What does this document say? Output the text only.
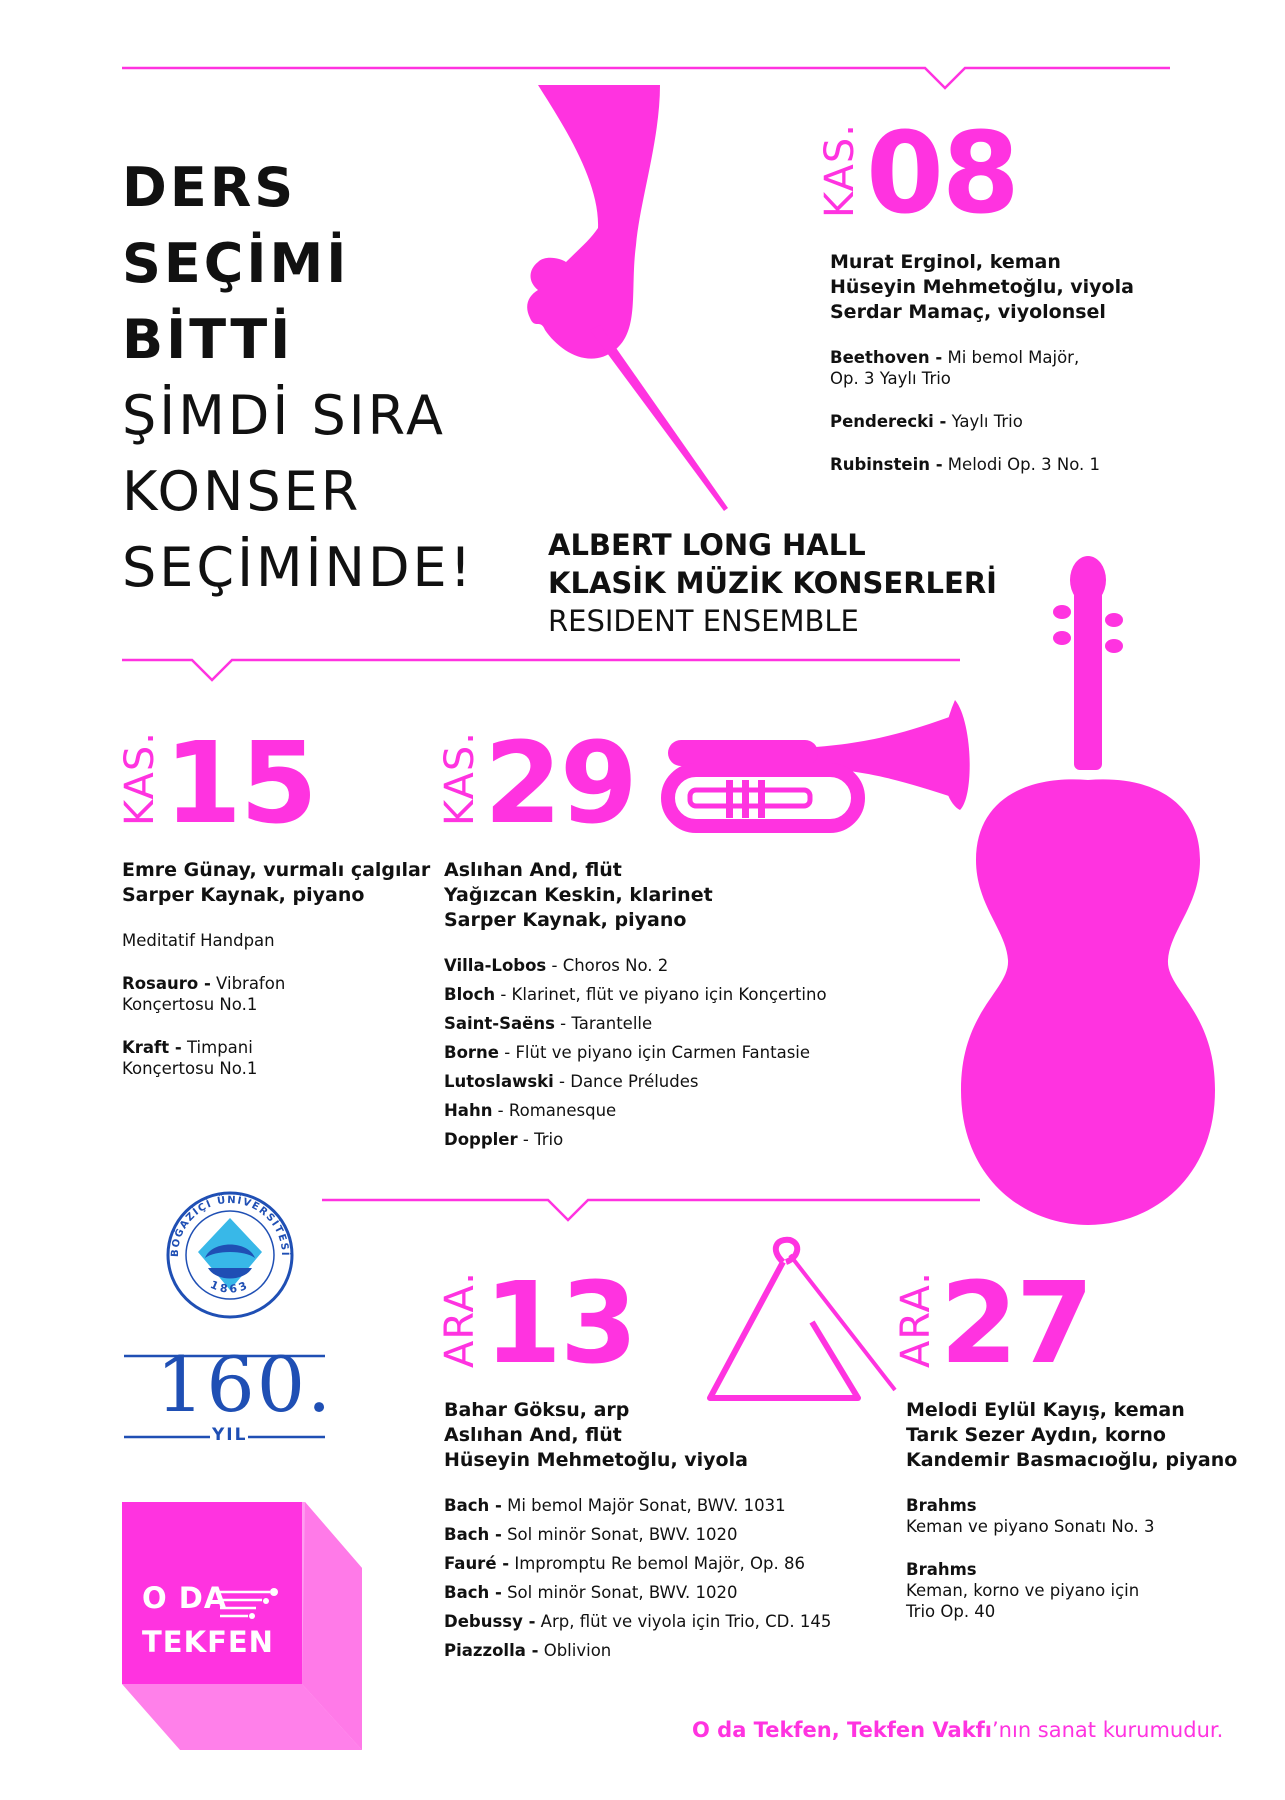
DERS
SEÇİMİ
BİTTİ
ŞİMDİ SIRA
KONSER
SEÇİMİNDE!	ALBERT LONG HALL
KLASİK MÜZİK KONSERLERİ
RESIDENT ENSEMBLE
KAS. 08
Murat Erginol, keman
Hüseyin Mehmetoğlu, viyola
Serdar Mamaç, viyolonsel
Beethoven - Mi bemol Majör,
Op. 3 Yaylı Trio
Penderecki - Yaylı Trio
Rubinstein - Melodi Op. 3 No. 1
KAS. 15
Emre Günay, vurmalı çalgılar
Sarper Kaynak, piyano
Meditatif Handpan
Rosauro - Vibrafon
Konçertosu No.1
Kraft - Timpani
Konçertosu No.1
KAS. 29
Aslıhan And, flüt
Yağızcan Keskin, klarinet
Sarper Kaynak, piyano
Villa-Lobos - Choros No. 2
Bloch - Klarinet, flüt ve piyano için Konçertino
Saint-Saëns - Tarantelle
Borne - Flüt ve piyano için Carmen Fantasie
Lutoslawski - Dance Préludes
Hahn - Romanesque
Doppler - Trio
ARA. 13
Bahar Göksu, arp
Aslıhan And, flüt
Hüseyin Mehmetoğlu, viyola
Bach - Mi bemol Majör Sonat, BWV. 1031
Bach - Sol minör Sonat, BWV. 1020
Fauré - Impromptu Re bemol Majör, Op. 86
Bach - Sol minör Sonat, BWV. 1020
Debussy - Arp, flüt ve viyola için Trio, CD. 145
Piazzolla - Oblivion
ARA. 27
Melodi Eylül Kayış, keman
Tarık Sezer Aydın, korno
Kandemir Basmacıoğlu, piyano
Brahms
Keman ve piyano Sonatı No. 3
Brahms
Keman, korno ve piyano için
Trio Op. 40
BOĞAZİÇİ ÜNİVERSİTESİ
1863
160.
YIL
O DA
TEKFEN
O da Tekfen, Tekfen Vakfı’nın sanat kurumudur.
